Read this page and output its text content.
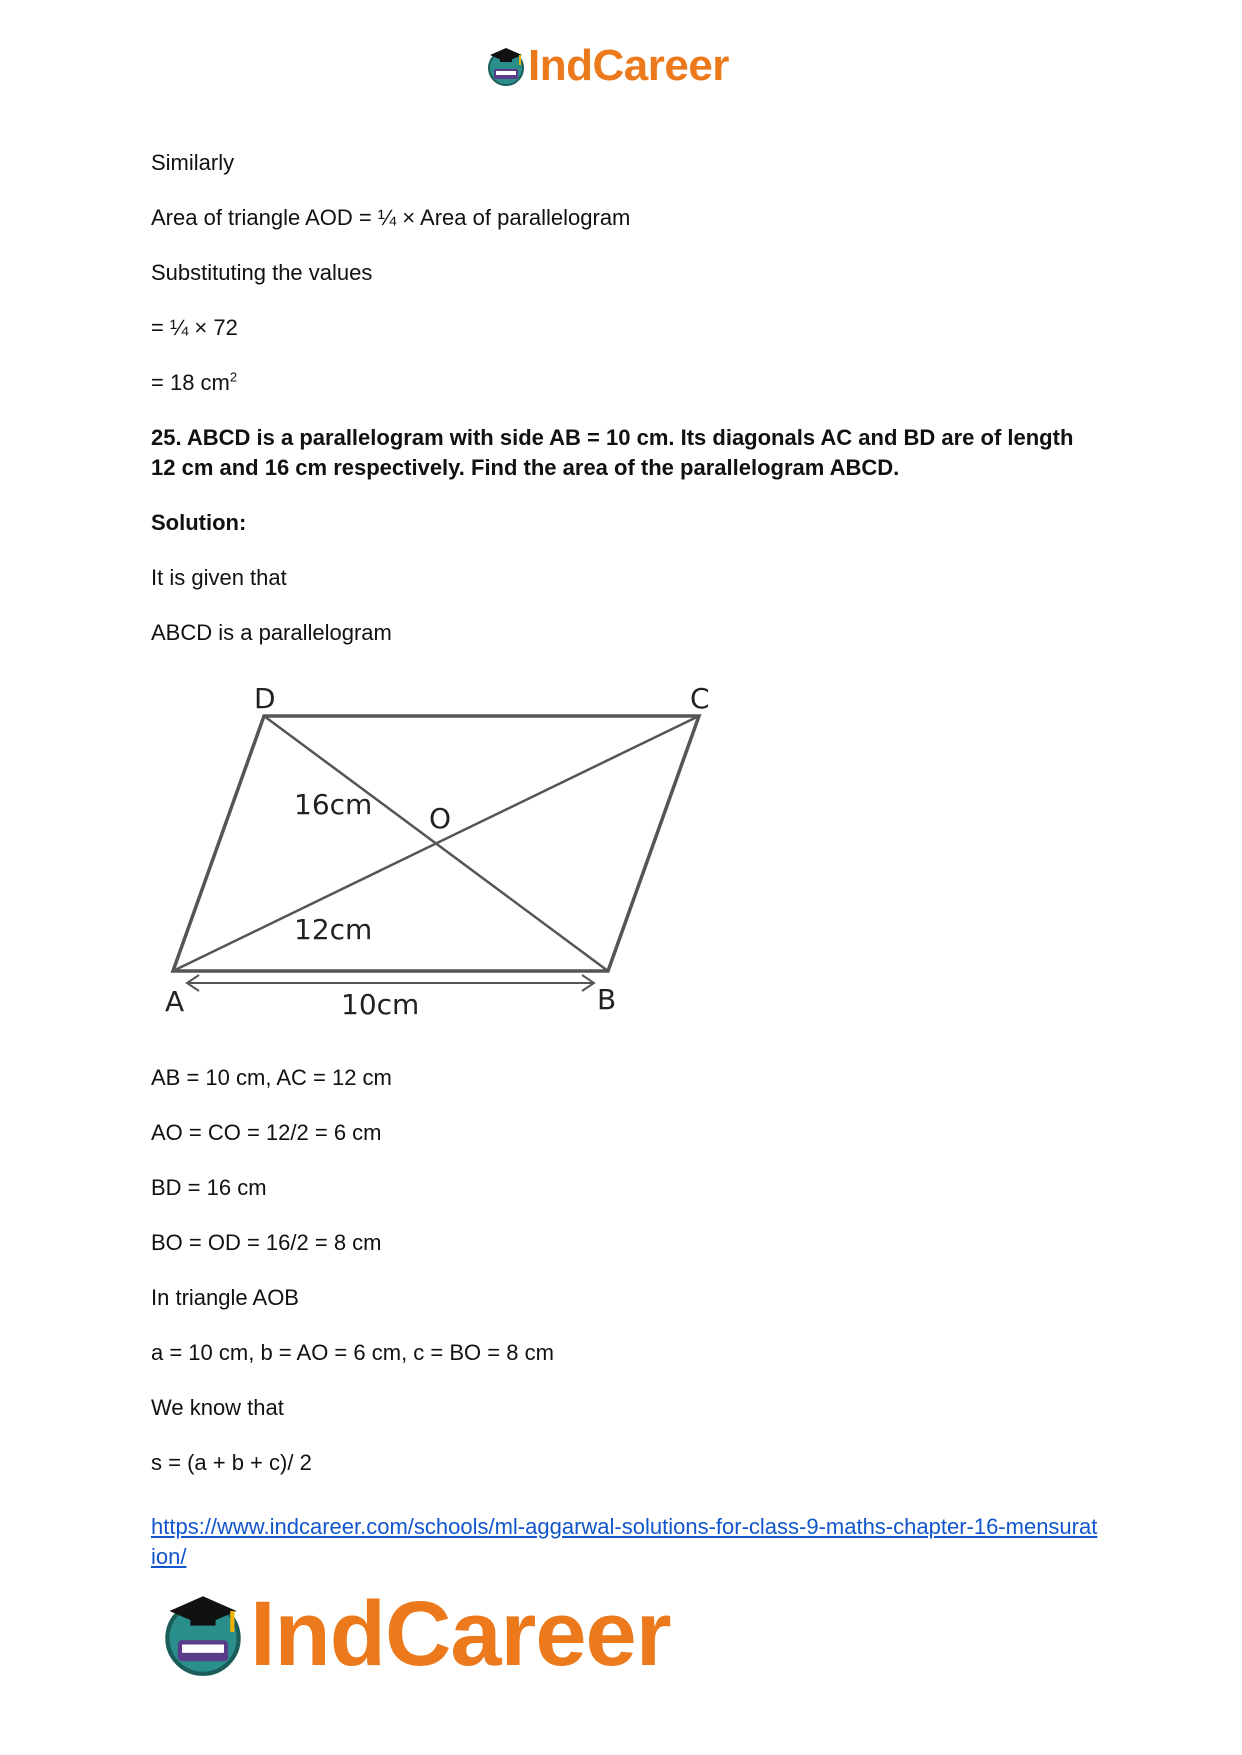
IndCareer

Similarly

Area of triangle AOD = ¼ × Area of parallelogram

Substituting the values

= ¼ × 72

= 18 $cm^2$

25. ABCD is a parallelogram with side AB = 10 cm. Its diagonals AC and BD are of length 12 cm and 16 cm respectively. Find the area of the parallelogram ABCD.

Solution:

It is given that

ABCD is a parallelogram

D	C
A	B
O
16cm
12cm
10cm

AB = 10 cm, AC = 12 cm

AO = CO = 12/2 = 6 cm

BD = 16 cm

BO = OD = 16/2 = 8 cm

In triangle AOB

a = 10 cm, b = AO = 6 cm, c = BO = 8 cm

We know that

s = (a + b + c)/ 2

https://www.indcareer.com/schools/ml-aggarwal-solutions-for-class-9-maths-chapter-16-mensuration/
IndCareer
